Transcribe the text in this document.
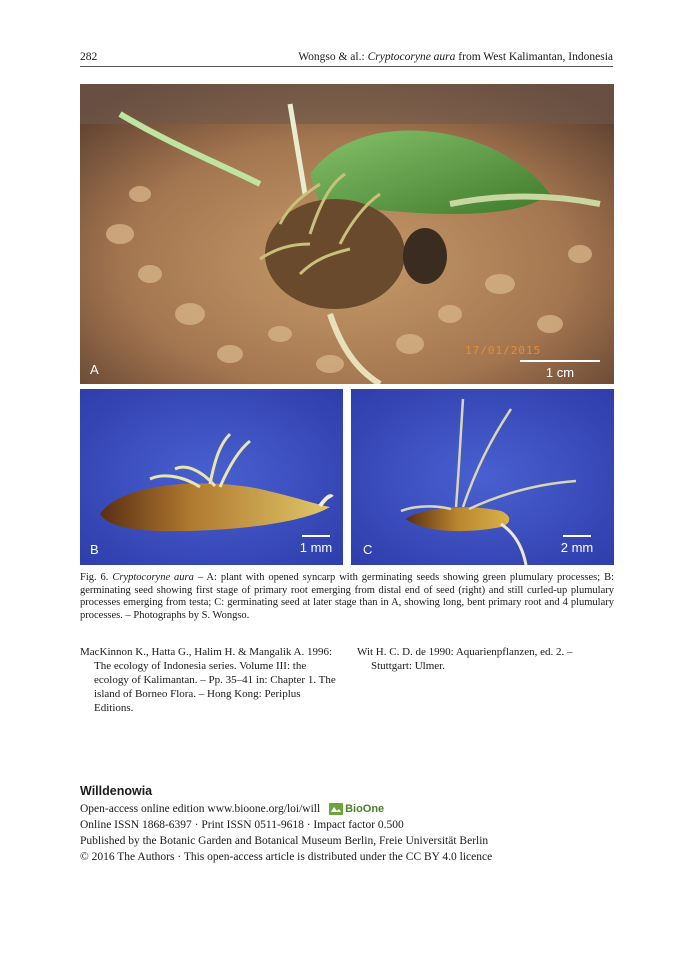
282	Wongso & al.: Cryptocoryne aura from West Kalimantan, Indonesia
A
17/01/2015
1 cm
B	1 mm C	2 mm
Fig. 6. Cryptocoryne aura – A: plant with opened syncarp with germinating seeds showing green plumulary processes; B: germinating seed showing first stage of primary root emerging from distal end of seed (right) and still curled-up plumulary processes emerging from testa; C: germinating seed at later stage than in A, showing long, bent primary root and 4 plumulary processes. – Photographs by S. Wongso.
MacKinnon K., Hatta G., Halim H. & Mangalik A. 1996: The ecology of Indonesia series. Volume III: the ecology of Kalimantan. – Pp. 35–41 in: Chapter 1. The island of Borneo Flora. – Hong Kong: Periplus Editions.
Wit H. C. D. de 1990: Aquarienpflanzen, ed. 2. – Stuttgart: Ulmer.
Willdenowia
Open-access online edition www.bioone.org/loi/will BioOne
Online ISSN 1868-6397 · Print ISSN 0511-9618 · Impact factor 0.500
Published by the Botanic Garden and Botanical Museum Berlin, Freie Universität Berlin
© 2016 The Authors · This open-access article is distributed under the CC BY 4.0 licence
